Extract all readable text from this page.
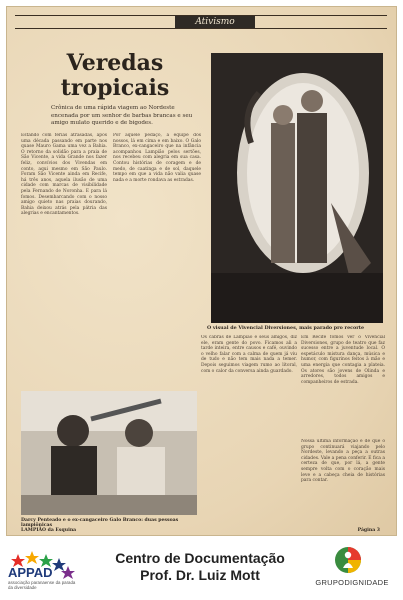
Ativismo
Veredas tropicais
Crônica de uma rápida viagem ao Nordeste encenada por um senhor de barbas brancas e seu amigo mulato querido e de bigodes.
O visual de Vivencial Diversiones, mais parado pro recorte
Estando com férias atrasadas, após uma década passando em parte nos quase Mauro Gama uma vez a Bahia. O retorno da solidão para a praia de São Vicente, a vida Grande nos fazer feliz, convívios dos Vivendas em conto, aqui mesmo em São Paulo. Foram São Vicente ainda em Recife, há três anos, aquela ilusão de uma cidade com marcas de visibilidade pela Fernando de Noronha. E para lá fomos. Desembarcando com o nosso amigo quieto nas praias dourando, Bahia deixou atrás pela pátria das alegrias e encantamentos.
Por aquele pedaço, a equipe dos nossos, lá em cima e em baixo. O Galo Branco, ex-cangaceiro que na infância acompanhou Lampião pelos sertões, nos recebeu com alegria em sua casa. Contou histórias de coragem e de medo, de caatinga e de sol, daquele tempo em que a vida não valia quase nada e a morte rondava as estradas.
Os cabras de Lampião e seus amigos, diz ele, eram gente do povo. Ficamos ali a tarde inteira, entre causos e café, ouvindo o velho falar com a calma de quem já viu de tudo e não tem mais nada a temer. Depois seguimos viagem rumo ao litoral, com o calor da conversa ainda guardado.
Em Recife fomos ver o Vivencial Diversiones, grupo de teatro que faz sucesso entre a juventude local. O espetáculo mistura dança, música e humor, com figurinos feitos à mão e uma energia que contagia a plateia. Os atores são jovens de Olinda e arredores, todos amigos e companheiros de estrada.
Nossa última informação é de que o grupo continuará viajando pelo Nordeste, levando a peça a outras cidades. Vale a pena conferir. E fica a certeza de que, por lá, a gente sempre volta com o coração mais leve e a cabeça cheia de histórias para contar.
Darcy Penteado e o ex-cangaceiro Galo Branco: duas pessoas lampiônicas
LAMPIÃO da Esquina	Página 3
APPAD
associação paranaense da parada da diversidade
Centro de Documentação
Prof. Dr. Luiz Mott	GRUPODIGNIDADE
